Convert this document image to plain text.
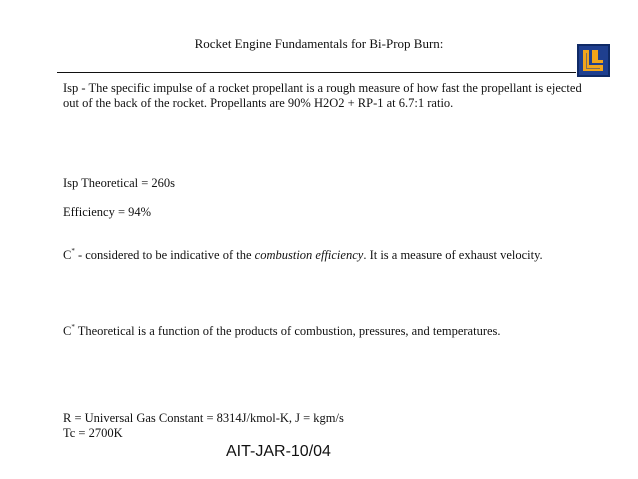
Rocket Engine Fundamentals for Bi-Prop Burn:
Isp - The specific impulse of a rocket propellant is a rough measure of how fast the propellant is ejected out of the back of the rocket. Propellants are 90% H2O2 + RP-1 at 6.7:1 ratio.
Isp Theoretical = 260s
Efficiency = 94%
C* - considered to be indicative of the combustion efficiency. It is a measure of exhaust velocity.
C* Theoretical is a function of the products of combustion, pressures, and temperatures.
R = Universal Gas Constant = 8314J/kmol-K, J = kgm/s
Tc = 2700K
AIT-JAR-10/04
